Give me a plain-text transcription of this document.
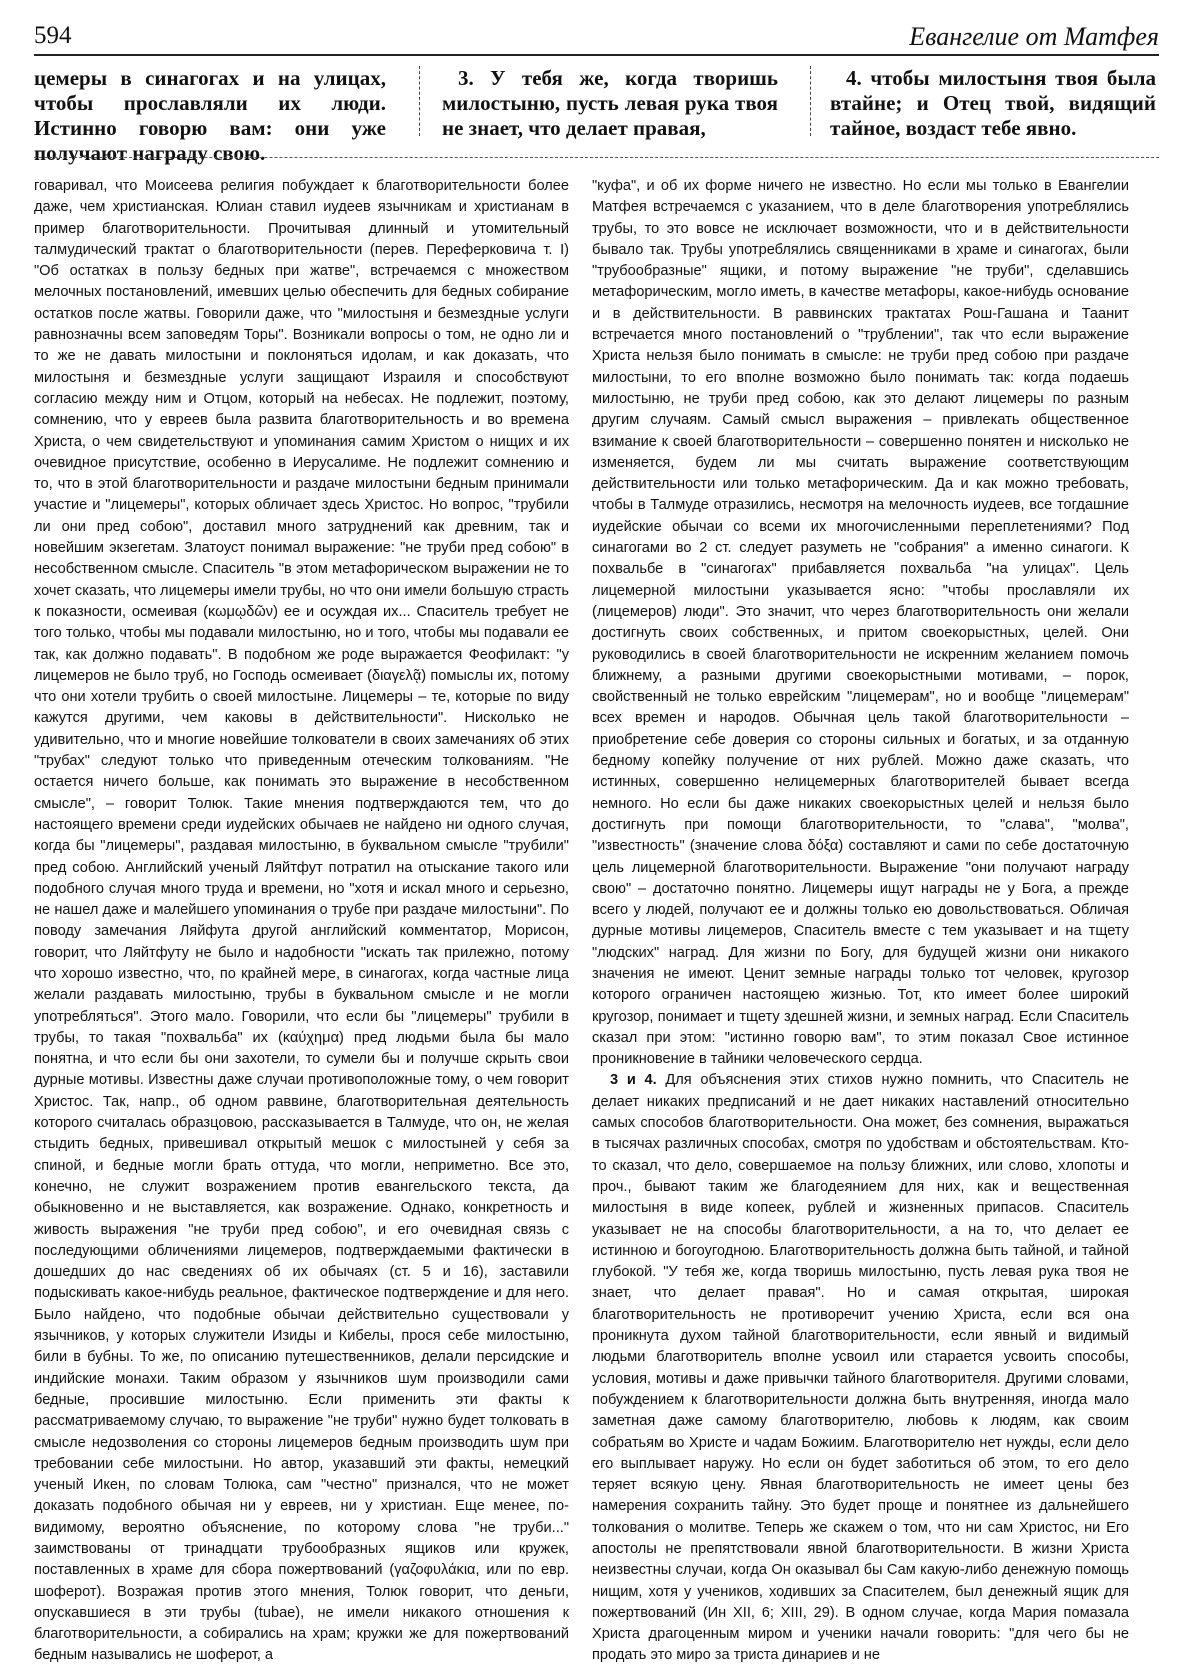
594	Евангелие от Матфея
цемеры в синагогах и на улицах, чтобы прославляли их люди. Истинно говорю вам: они уже получают награду свою.
3. У тебя же, когда творишь милостыню, пусть левая рука твоя не знает, что делает правая,
4. чтобы милостыня твоя была втайне; и Отец твой, видящий тайное, воздаст тебе явно.

говаривал, что Моисеева религия побуждает к благотворительности более даже, чем христианская. Юлиан ставил иудеев язычникам и христианам в пример благотворительности. Прочитывая длинный и утомительный талмудический трактат о благотворительности (перев. Переферковича т. I) "Об остатках в пользу бедных при жатве", встречаемся с множеством мелочных постановлений, имевших целью обеспечить для бедных собирание остатков после жатвы. Говорили даже, что "милостыня и безмездные услуги равнозначны всем заповедям Торы". Возникали вопросы о том, не одно ли и то же не давать милостыни и поклоняться идолам, и как доказать, что милостыня и безмездные услуги защищают Израиля и способствуют согласию между ним и Отцом, который на небесах. Не подлежит, поэтому, сомнению, что у евреев была развита благотворительность и во времена Христа, о чем свидетельствуют и упоминания самим Христом о нищих и их очевидное присутствие, особенно в Иерусалиме. Не подлежит сомнению и то, что в этой благотворительности и раздаче милостыни бедным принимали участие и "лицемеры", которых обличает здесь Христос. Но вопрос, "трубили ли они пред собою", доставил много затруднений как древним, так и новейшим экзегетам. Златоуст понимал выражение: "не труби пред собою" в несобственном смысле. Спаситель "в этом метафорическом выражении не то хочет сказать, что лицемеры имели трубы, но что они имели большую страсть к показности, осмеивая (κωμῳδῶν) ее и осуждая их... Спаситель требует не того только, чтобы мы подавали милостыню, но и того, чтобы мы подавали ее так, как должно подавать". В подобном же роде выражается Феофилакт: "у лицемеров не было труб, но Господь осмеивает (διαγελᾷ) помыслы их, потому что они хотели трубить о своей милостыне. Лицемеры – те, которые по виду кажутся другими, чем каковы в действительности". Нисколько не удивительно, что и многие новейшие толкователи в своих замечаниях об этих "трубах" следуют только что приведенным отеческим толкованиям. "Не остается ничего больше, как понимать это выражение в несобственном смысле", – говорит Толюк. Такие мнения подтверждаются тем, что до настоящего времени среди иудейских обычаев не найдено ни одного случая, когда бы "лицемеры", раздавая милостыню, в буквальном смысле "трубили" пред собою. Английский ученый Ляйтфут потратил на отыскание такого или подобного случая много труда и времени, но "хотя и искал много и серьезно, не нашел даже и малейшего упоминания о трубе при раздаче милостыни". По поводу замечания Ляйфута другой английский комментатор, Морисон, говорит, что Ляйтфуту не было и надобности "искать так прилежно, потому что хорошо известно, что, по крайней мере, в синагогах, когда частные лица желали раздавать милостыню, трубы в буквальном смысле и не могли употребляться". Этого мало. Говорили, что если бы "лицемеры" трубили в трубы, то такая "похвальба" их (καύχημα) пред людьми была бы мало понятна, и что если бы они захотели, то сумели бы и получше скрыть свои дурные мотивы. Известны даже случаи противоположные тому, о чем говорит Христос. Так, напр., об одном раввине, благотворительная деятельность которого считалась образцовою, рассказывается в Талмуде, что он, не желая стыдить бедных, привешивал открытый мешок с милостыней у себя за спиной, и бедные могли брать оттуда, что могли, неприметно. Все это, конечно, не служит возражением против евангельского текста, да обыкновенно и не выставляется, как возражение. Однако, конкретность и живость выражения "не труби пред собою", и его очевидная связь с последующими обличениями лицемеров, подтверждаемыми фактически в дошедших до нас сведениях об их обычаях (ст. 5 и 16), заставили подыскивать какое-нибудь реальное, фактическое подтверждение и для него. Было найдено, что подобные обычаи действительно существовали у язычников, у которых служители Изиды и Кибелы, прося себе милостыню, били в бубны. То же, по описанию путешественников, делали персидские и индийские монахи. Таким образом у язычников шум производили сами бедные, просившие милостыню. Если применить эти факты к рассматриваемому случаю, то выражение "не труби" нужно будет толковать в смысле недозволения со стороны лицемеров бедным производить шум при требовании себе милостыни. Но автор, указавший эти факты, немецкий ученый Икен, по словам Толюка, сам "честно" признался, что не может доказать подобного обычая ни у евреев, ни у христиан. Еще менее, по-видимому, вероятно объяснение, по которому слова "не труби..." заимствованы от тринадцати трубообразных ящиков или кружек, поставленных в храме для сбора пожертвований (γαζοφυλάκια, или по евр. шоферот). Возражая против этого мнения, Толюк говорит, что деньги, опускавшиеся в эти трубы (tubae), не имели никакого отношения к благотворительности, а собирались на храм; кружки же для пожертвований бедным назывались не шоферот, а

"куфа", и об их форме ничего не известно. Но если мы только в Евангелии Матфея встречаемся с указанием, что в деле благотворения употреблялись трубы, то это вовсе не исключает возможности, что и в действительности бывало так. Трубы употреблялись священниками в храме и синагогах, были "трубообразные" ящики, и потому выражение "не труби", сделавшись метафорическим, могло иметь, в качестве метафоры, какое-нибудь основание и в действительности. В раввинских трактатах Рош-Гашана и Таанит встречается много постановлений о "трублении", так что если выражение Христа нельзя было понимать в смысле: не труби пред собою при раздаче милостыни, то его вполне возможно было понимать так: когда подаешь милостыню, не труби пред собою, как это делают лицемеры по разным другим случаям. Самый смысл выражения – привлекать общественное взимание к своей благотворительности – совершенно понятен и нисколько не изменяется, будем ли мы считать выражение соответствующим действительности или только метафорическим. Да и как можно требовать, чтобы в Талмуде отразились, несмотря на мелочность иудеев, все тогдашние иудейские обычаи со всеми их многочисленными переплетениями? Под синагогами во 2 ст. следует разуметь не "собрания" а именно синагоги. К похвальбе в "синагогах" прибавляется похвальба "на улицах". Цель лицемерной милостыни указывается ясно: "чтобы прославляли их (лицемеров) люди". Это значит, что через благотворительность они желали достигнуть своих собственных, и притом своекорыстных, целей. Они руководились в своей благотворительности не искренним желанием помочь ближнему, а разными другими своекорыстными мотивами, – порок, свойственный не только еврейским "лицемерам", но и вообще "лицемерам" всех времен и народов. Обычная цель такой благотворительности – приобретение себе доверия со стороны сильных и богатых, и за отданную бедному копейку получение от них рублей. Можно даже сказать, что истинных, совершенно нелицемерных благотворителей бывает всегда немного. Но если бы даже никаких своекорыстных целей и нельзя было достигнуть при помощи благотворительности, то "слава", "молва", "известность" (значение слова δόξα) составляют и сами по себе достаточную цель лицемерной благотворительности. Выражение "они получают награду свою" – достаточно понятно. Лицемеры ищут награды не у Бога, а прежде всего у людей, получают ее и должны только ею довольствоваться. Обличая дурные мотивы лицемеров, Спаситель вместе с тем указывает и на тщету "людских" наград. Для жизни по Богу, для будущей жизни они никакого значения не имеют. Ценит земные награды только тот человек, кругозор которого ограничен настоящею жизнью. Тот, кто имеет более широкий кругозор, понимает и тщету здешней жизни, и земных наград. Если Спаситель сказал при этом: "истинно говорю вам", то этим показал Свое истинное проникновение в тайники человеческого сердца.

3 и 4. Для объяснения этих стихов нужно помнить, что Спаситель не делает никаких предписаний и не дает никаких наставлений относительно самых способов благотворительности. Она может, без сомнения, выражаться в тысячах различных способах, смотря по удобствам и обстоятельствам. Кто-то сказал, что дело, совершаемое на пользу ближних, или слово, хлопоты и проч., бывают таким же благодеянием для них, как и вещественная милостыня в виде копеек, рублей и жизненных припасов. Спаситель указывает не на способы благотворительности, а на то, что делает ее истинною и богоугодною. Благотворительность должна быть тайной, и тайной глубокой. "У тебя же, когда творишь милостыню, пусть левая рука твоя не знает, что делает правая". Но и самая открытая, широкая благотворительность не противоречит учению Христа, если вся она проникнута духом тайной благотворительности, если явный и видимый людьми благотворитель вполне усвоил или старается усвоить способы, условия, мотивы и даже привычки тайного благотворителя. Другими словами, побуждением к благотворительности должна быть внутренняя, иногда мало заметная даже самому благотворителю, любовь к людям, как своим собратьям во Христе и чадам Божиим. Благотворителю нет нужды, если дело его выплывает наружу. Но если он будет заботиться об этом, то его дело теряет всякую цену. Явная благотворительность не имеет цены без намерения сохранить тайну. Это будет проще и понятнее из дальнейшего толкования о молитве. Теперь же скажем о том, что ни сам Христос, ни Его апостолы не препятствовали явной благотворительности. В жизни Христа неизвестны случаи, когда Он оказывал бы Сам какую-либо денежную помощь нищим, хотя у учеников, ходивших за Спасителем, был денежный ящик для пожертвований (Ин XII, 6; XIII, 29). В одном случае, когда Мария помазала Христа драгоценным миром и ученики начали говорить: "для чего бы не продать это миро за триста динариев и не
